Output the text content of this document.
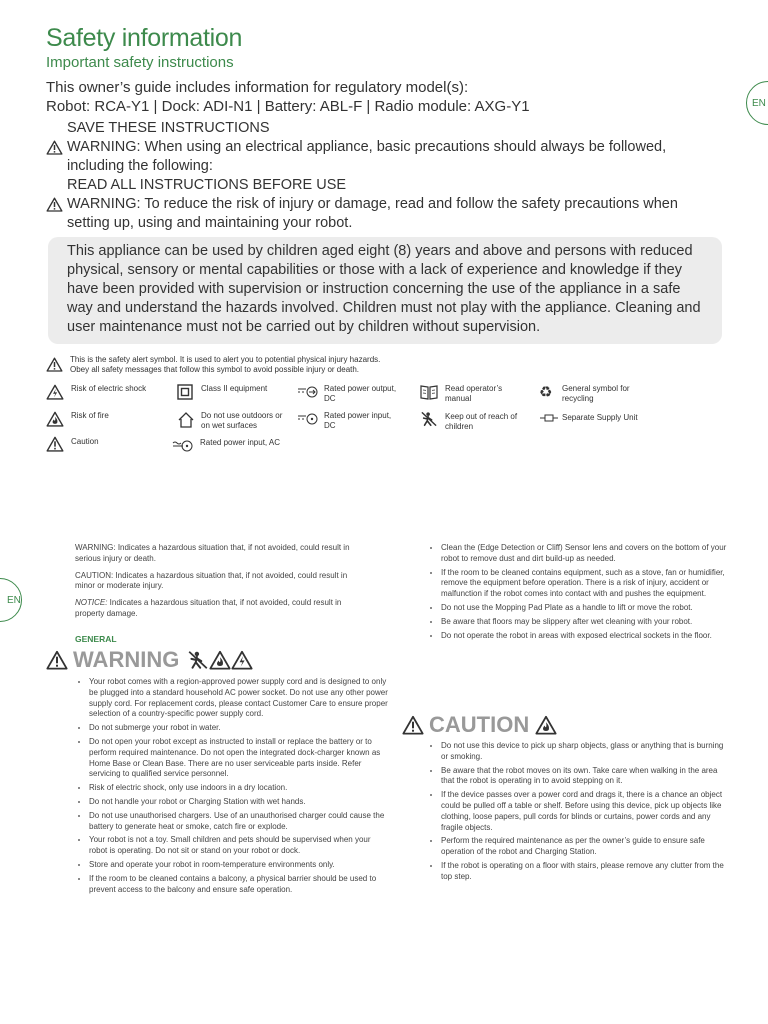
Safety information
Important safety instructions
This owner’s guide includes information for regulatory model(s):
Robot: RCA-Y1 | Dock: ADI-N1 | Battery: ABL-F | Radio module: AXG-Y1	EN
SAVE THESE INSTRUCTIONS
WARNING: When using an electrical appliance, basic precautions should always be followed, including the following:
READ ALL INSTRUCTIONS BEFORE USE
WARNING: To reduce the risk of injury or damage, read and follow the safety precautions when setting up, using and maintaining your robot.
This appliance can be used by children aged eight (8) years and above and persons with reduced physical, sensory or mental capabilities or those with a lack of experience and knowledge if they have been provided with supervision or instruction concerning the use of the appliance in a safe way and understand the hazards involved. Children must not play with the appliance. Cleaning and user maintenance must not be carried out by children without supervision.
This is the safety alert symbol. It is used to alert you to potential physical injury hazards.
Obey all safety messages that follow this symbol to avoid possible injury or death.
Risk of electric shock
Risk of fire
Caution
Class II equipment
Do not use outdoors or on wet surfaces
Rated power input, AC
Rated power output, DC
Rated power input, DC
Read operator’s manual
Keep out of reach of children
♻ General symbol for recycling
Separate Supply Unit
EN

WARNING: Indicates a hazardous situation that, if not avoided, could result in serious injury or death.

CAUTION: Indicates a hazardous situation that, if not avoided, could result in minor or moderate injury.

NOTICE: Indicates a hazardous situation that, if not avoided, could result in property damage.

GENERAL
WARNING
• Your robot comes with a region-approved power supply cord and is designed to only be plugged into a standard household AC power socket. Do not use any other power supply cord. For replacement cords, please contact Customer Care to ensure proper selection of a country-specific power supply cord.
• Do not submerge your robot in water.
• Do not open your robot except as instructed to install or replace the battery or to perform required maintenance. Do not open the integrated dock-charger known as Home Base or Clean Base. There are no user serviceable parts inside. Refer servicing to qualified service personnel.
• Risk of electric shock, only use indoors in a dry location.
• Do not handle your robot or Charging Station with wet hands.
• Do not use unauthorised chargers. Use of an unauthorised charger could cause the battery to generate heat or smoke, catch fire or explode.
• Your robot is not a toy. Small children and pets should be supervised when your robot is operating. Do not sit or stand on your robot or dock.
• Store and operate your robot in room-temperature environments only.
• If the room to be cleaned contains a balcony, a physical barrier should be used to prevent access to the balcony and ensure safe operation.
• Clean the (Edge Detection or Cliff) Sensor lens and covers on the bottom of your robot to remove dust and dirt build-up as needed.
• If the room to be cleaned contains equipment, such as a stove, fan or humidifier, remove the equipment before operation. There is a risk of injury, accident or malfunction if the robot comes into contact with and pushes the equipment.
• Do not use the Mopping Pad Plate as a handle to lift or move the robot.
• Be aware that floors may be slippery after wet cleaning with your robot.
• Do not operate the robot in areas with exposed electrical sockets in the floor.
CAUTION
• Do not use this device to pick up sharp objects, glass or anything that is burning or smoking.
• Be aware that the robot moves on its own. Take care when walking in the area that the robot is operating in to avoid stepping on it.
• If the device passes over a power cord and drags it, there is a chance an object could be pulled off a table or shelf. Before using this device, pick up objects like clothing, loose papers, pull cords for blinds or curtains, power cords and any fragile objects.
• Perform the required maintenance as per the owner’s guide to ensure safe operation of the robot and Charging Station.
• If the robot is operating on a floor with stairs, please remove any clutter from the top step.
